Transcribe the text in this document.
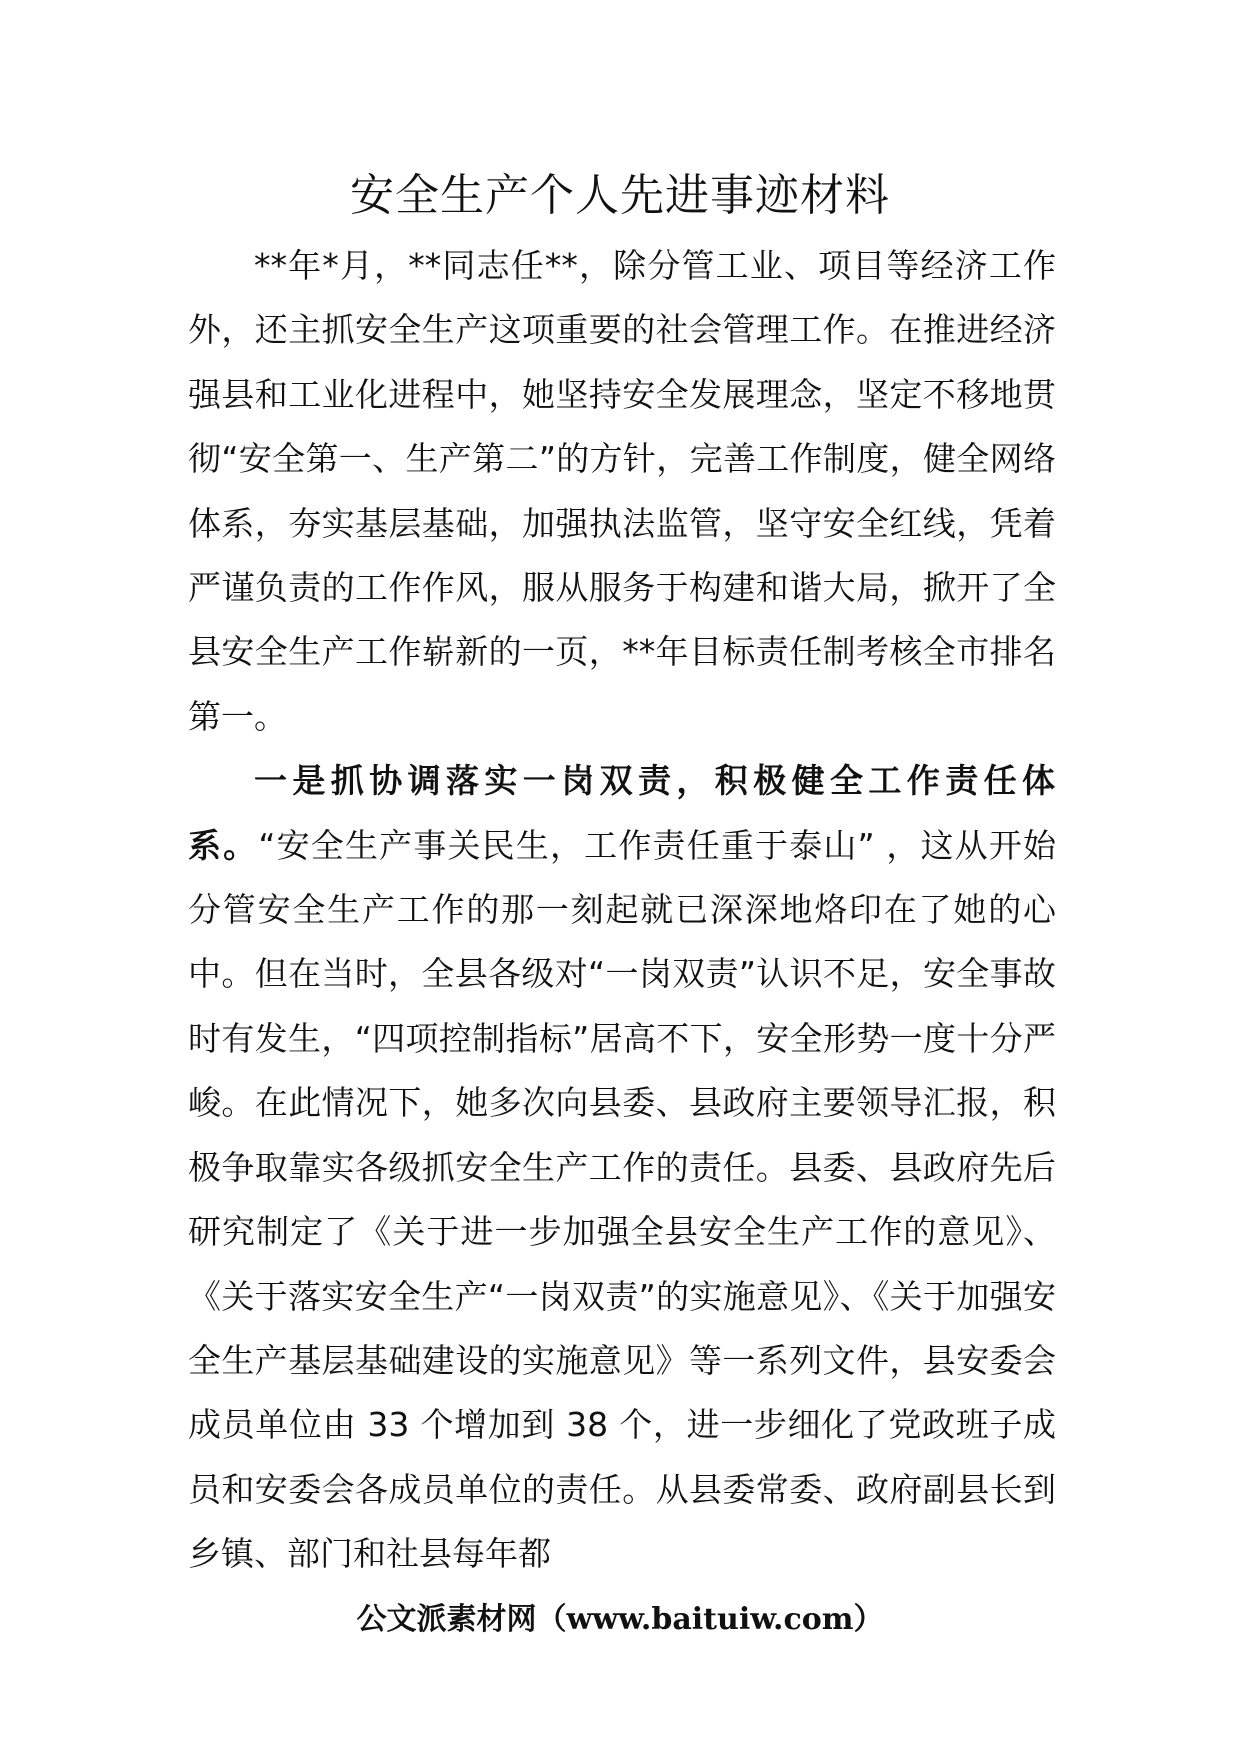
安全生产个人先进事迹材料

**年*月，**同志任**，除分管工业、项目等经济工作外，还主抓安全生产这项重要的社会管理工作。在推进经济强县和工业化进程中，她坚持安全发展理念，坚定不移地贯彻“安全第一、生产第二”的方针，完善工作制度，健全网络体系，夯实基层基础，加强执法监管，坚守安全红线，凭着严谨负责的工作作风，服从服务于构建和谐大局，掀开了全县安全生产工作崭新的一页，**年目标责任制考核全市排名第一。

一是抓协调落实一岗双责，积极健全工作责任体系。“安全生产事关民生，工作责任重于泰山” ，这从开始分管安全生产工作的那一刻起就已深深地烙印在了她的心中。但在当时，全县各级对“一岗双责”认识不足，安全事故时有发生，“四项控制指标”居高不下，安全形势一度十分严峻。在此情况下，她多次向县委、县政府主要领导汇报，积极争取靠实各级抓安全生产工作的责任。县委、县政府先后研究制定了《关于进一步加强全县安全生产工作的意见》、《关于落实安全生产“一岗双责”的实施意见》、《关于加强安全生产基层基础建设的实施意见》等一系列文件，县安委会成员单位由 33 个增加到 38 个，进一步细化了党政班子成员和安委会各成员单位的责任。从县委常委、政府副县长到乡镇、部门和社县每年都

公文派素材网（www.baituiw.com）
